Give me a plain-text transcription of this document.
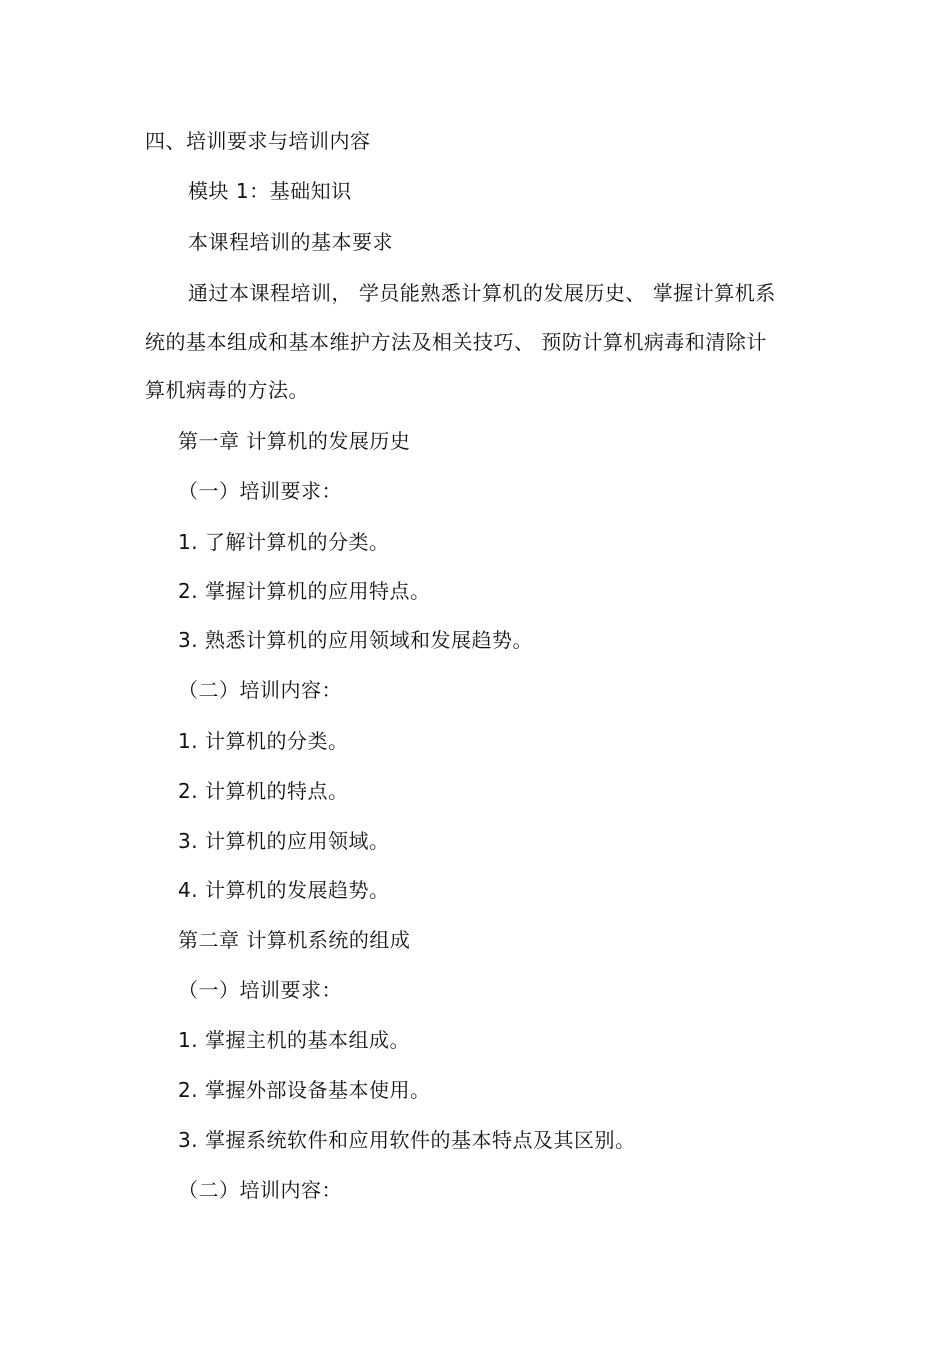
四、培训要求与培训内容
模块 1：基础知识
本课程培训的基本要求
通过本课程培训， 学员能熟悉计算机的发展历史、 掌握计算机系
统的基本组成和基本维护方法及相关技巧、 预防计算机病毒和清除计
算机病毒的方法。
第一章 计算机的发展历史
（一）培训要求：
1. 了解计算机的分类。
2. 掌握计算机的应用特点。
3. 熟悉计算机的应用领域和发展趋势。
（二）培训内容：
1. 计算机的分类。
2. 计算机的特点。
3. 计算机的应用领域。
4. 计算机的发展趋势。
第二章 计算机系统的组成
（一）培训要求：
1. 掌握主机的基本组成。
2. 掌握外部设备基本使用。
3. 掌握系统软件和应用软件的基本特点及其区别。
（二）培训内容：
